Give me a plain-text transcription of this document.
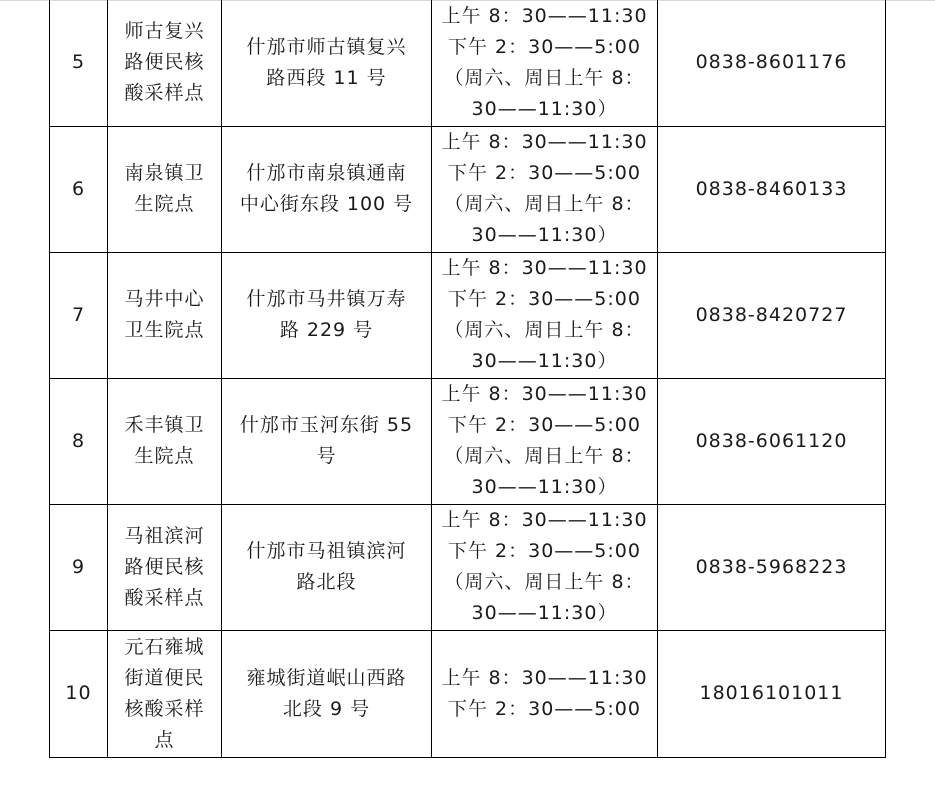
5	师古复兴
路便民核
酸采样点	什邡市师古镇复兴
路西段 11 号	上午 8：30——11:30
下午 2：30——5:00
（周六、周日上午 8：
30——11:30）	0838-8601176
6	南泉镇卫
生院点	什邡市南泉镇通南
中心街东段 100 号	上午 8：30——11:30
下午 2：30——5:00
（周六、周日上午 8：
30——11:30）	0838-8460133
7	马井中心
卫生院点	什邡市马井镇万寿
路 229 号	上午 8：30——11:30
下午 2：30——5:00
（周六、周日上午 8：
30——11:30）	0838-8420727
8	禾丰镇卫
生院点	什邡市玉河东街 55
号	上午 8：30——11:30
下午 2：30——5:00
（周六、周日上午 8：
30——11:30）	0838-6061120
9	马祖滨河
路便民核
酸采样点	什邡市马祖镇滨河
路北段	上午 8：30——11:30
下午 2：30——5:00
（周六、周日上午 8：
30——11:30）	0838-5968223
10	元石雍城
街道便民
核酸采样
点	雍城街道岷山西路
北段 9 号	上午 8：30——11:30
下午 2：30——5:00	18016101011
